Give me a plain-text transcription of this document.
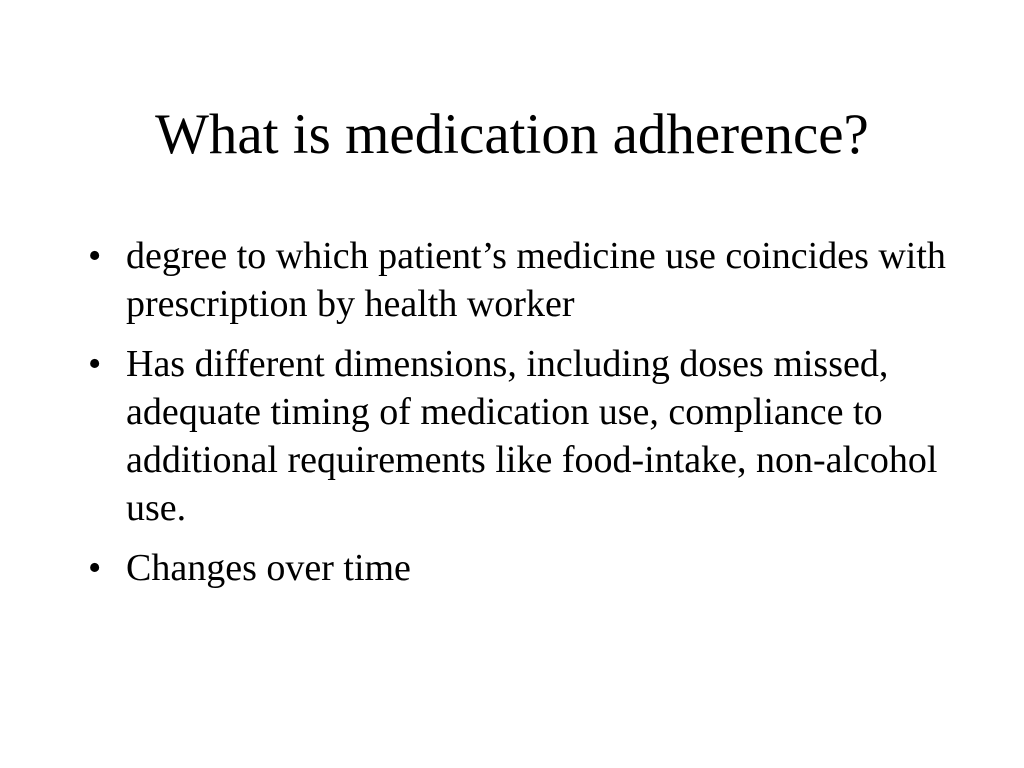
What is medication adherence?
• degree to which patient’s medicine use coincides with prescription by health worker
• Has different dimensions, including doses missed, adequate timing of medication use, compliance to additional requirements like food-intake, non-alcohol use.
• Changes over time
